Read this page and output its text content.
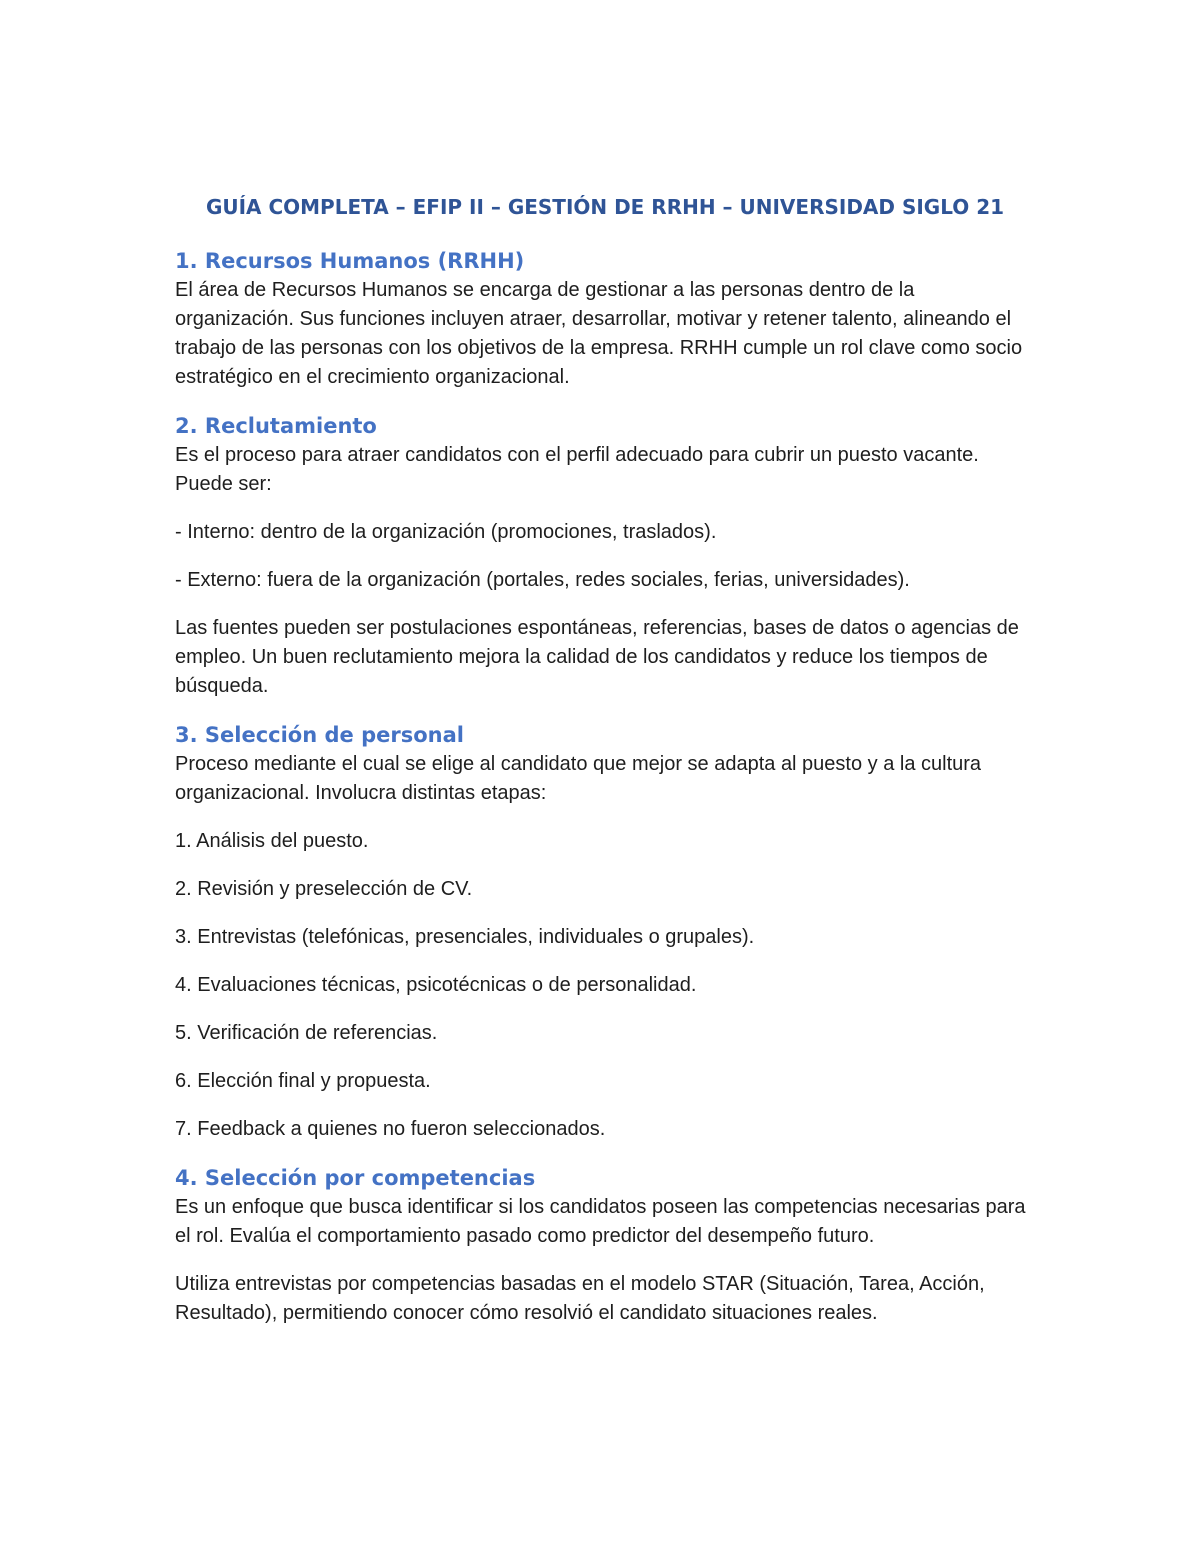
GUÍA COMPLETA – EFIP II – GESTIÓN DE RRHH – UNIVERSIDAD SIGLO 21
1. Recursos Humanos (RRHH)

El área de Recursos Humanos se encarga de gestionar a las personas dentro de la organización. Sus funciones incluyen atraer, desarrollar, motivar y retener talento, alineando el trabajo de las personas con los objetivos de la empresa. RRHH cumple un rol clave como socio estratégico en el crecimiento organizacional.

2. Reclutamiento

Es el proceso para atraer candidatos con el perfil adecuado para cubrir un puesto vacante. Puede ser:

- Interno: dentro de la organización (promociones, traslados).

- Externo: fuera de la organización (portales, redes sociales, ferias, universidades).

Las fuentes pueden ser postulaciones espontáneas, referencias, bases de datos o agencias de empleo. Un buen reclutamiento mejora la calidad de los candidatos y reduce los tiempos de búsqueda.

3. Selección de personal

Proceso mediante el cual se elige al candidato que mejor se adapta al puesto y a la cultura organizacional. Involucra distintas etapas:

1. Análisis del puesto.

2. Revisión y preselección de CV.

3. Entrevistas (telefónicas, presenciales, individuales o grupales).

4. Evaluaciones técnicas, psicotécnicas o de personalidad.

5. Verificación de referencias.

6. Elección final y propuesta.

7. Feedback a quienes no fueron seleccionados.

4. Selección por competencias

Es un enfoque que busca identificar si los candidatos poseen las competencias necesarias para el rol. Evalúa el comportamiento pasado como predictor del desempeño futuro.

Utiliza entrevistas por competencias basadas en el modelo STAR (Situación, Tarea, Acción, Resultado), permitiendo conocer cómo resolvió el candidato situaciones reales.
